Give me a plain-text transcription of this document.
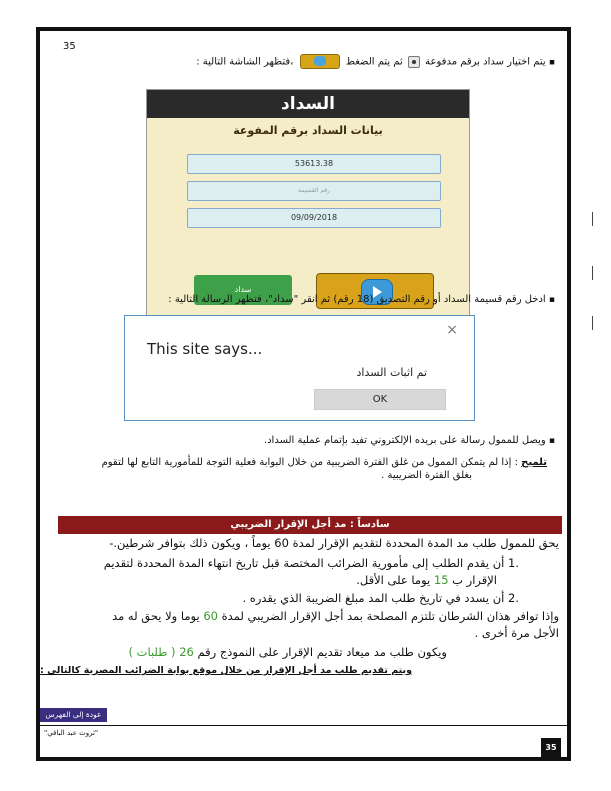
35
▪ يتم اختيار سداد برقم مدفوعة  ثم يتم الضغط  ،فتظهر الشاشة التالية :
السداد
بيانات السداد برقم المفوعة
53613.38
رقم القسيمة
09/09/2018
سداد
▪ ادخل رقم قسيمة السداد أو رقم التصديق (18 رقم) ثم انقر "سداد"، فتظهر الرسالة التالية :
This site says...
×
تم اثبات السداد
OK
▪ ويصل للممول رسالة على بريده الإلكتروني تفيد بإتمام عملية السداد.
تلميح : إذا لم يتمكن الممول من غلق الفترة الضريبية من خلال البوابة فعلية التوجة للمأمورية التابع لها لتقوم
بغلق الفترة الضريبية .
سادساً : مد أجل الإقرار الضريبي
يحق للممول طلب مد المدة المحددة لتقديم الإقرار لمدة 60 يوماً ، ويكون ذلك بتوافر شرطين.-
.1 أن يقدم الطلب إلى مأمورية الضرائب المختصة قبل تاريخ انتهاء المدة المحددة لتقديم
الإقرار ب 15 يوما على الأقل.
.2 أن يسدد في تاريخ طلب المد مبلغ الضريبة الذي يقدره .
وإذا توافر هذان الشرطان تلتزم المصلحة بمد أجل الإقرار الضريبي لمدة 60 يوما ولا يحق له مد
الأجل مرة أخرى .
ويكون طلب مد ميعاد تقديم الإقرار على النموذج رقم 26 ( طلبات )
ويتم تقديم طلب مد أجل الإقرار من خلال موقع بوابة الضرائب المصرية كالتالي :
عودة إلى الفهرس
"ثروت عبد الباقي"
35
